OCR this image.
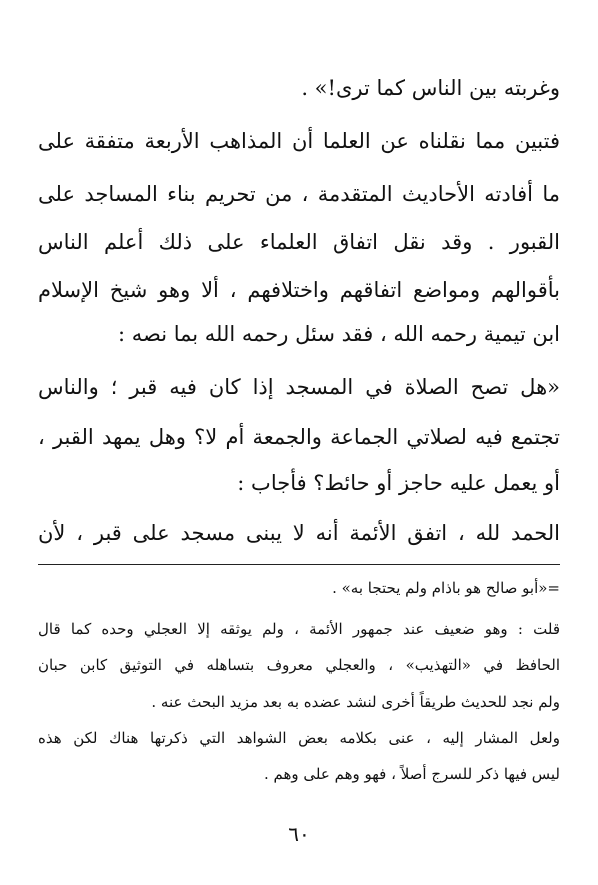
وغربته بين الناس كما ترى!» .
فتبين مما نقلناه عن العلما أن المذاهب الأربعة متفقة على
ما أفادته الأحاديث المتقدمة ، من تحريم بناء المساجد على
القبور . وقد نقل اتفاق العلماء على ذلك أعلم الناس
بأقوالهم ومواضع اتفاقهم واختلافهم ، ألا وهو شيخ الإسلام
ابن تيمية رحمه الله ، فقد سئل رحمه الله بما نصه :
«هل تصح الصلاة في المسجد إذا كان فيه قبر ؛ والناس
تجتمع فيه لصلاتي الجماعة والجمعة أم لا؟ وهل يمهد القبر ،
أو يعمل عليه حاجز أو حائط؟ فأجاب :
الحمد لله ، اتفق الأئمة أنه لا يبنى مسجد على قبر ، لأن
=«أبو صالح هو باذام ولم يحتجا به» .
قلت : وهو ضعيف عند جمهور الأئمة ، ولم يوثقه إلا العجلي وحده كما قال
الحافظ في «التهذيب» ، والعجلي معروف بتساهله في التوثيق كابن حبان
ولم نجد للحديث طريقاً أخرى لنشد عضده به بعد مزيد البحث عنه .
ولعل المشار إليه ، عنى بكلامه بعض الشواهد التي ذكرتها هناك لكن هذه
ليس فيها ذكر للسرج أصلاً ، فهو وهم على وهم .
٦٠
